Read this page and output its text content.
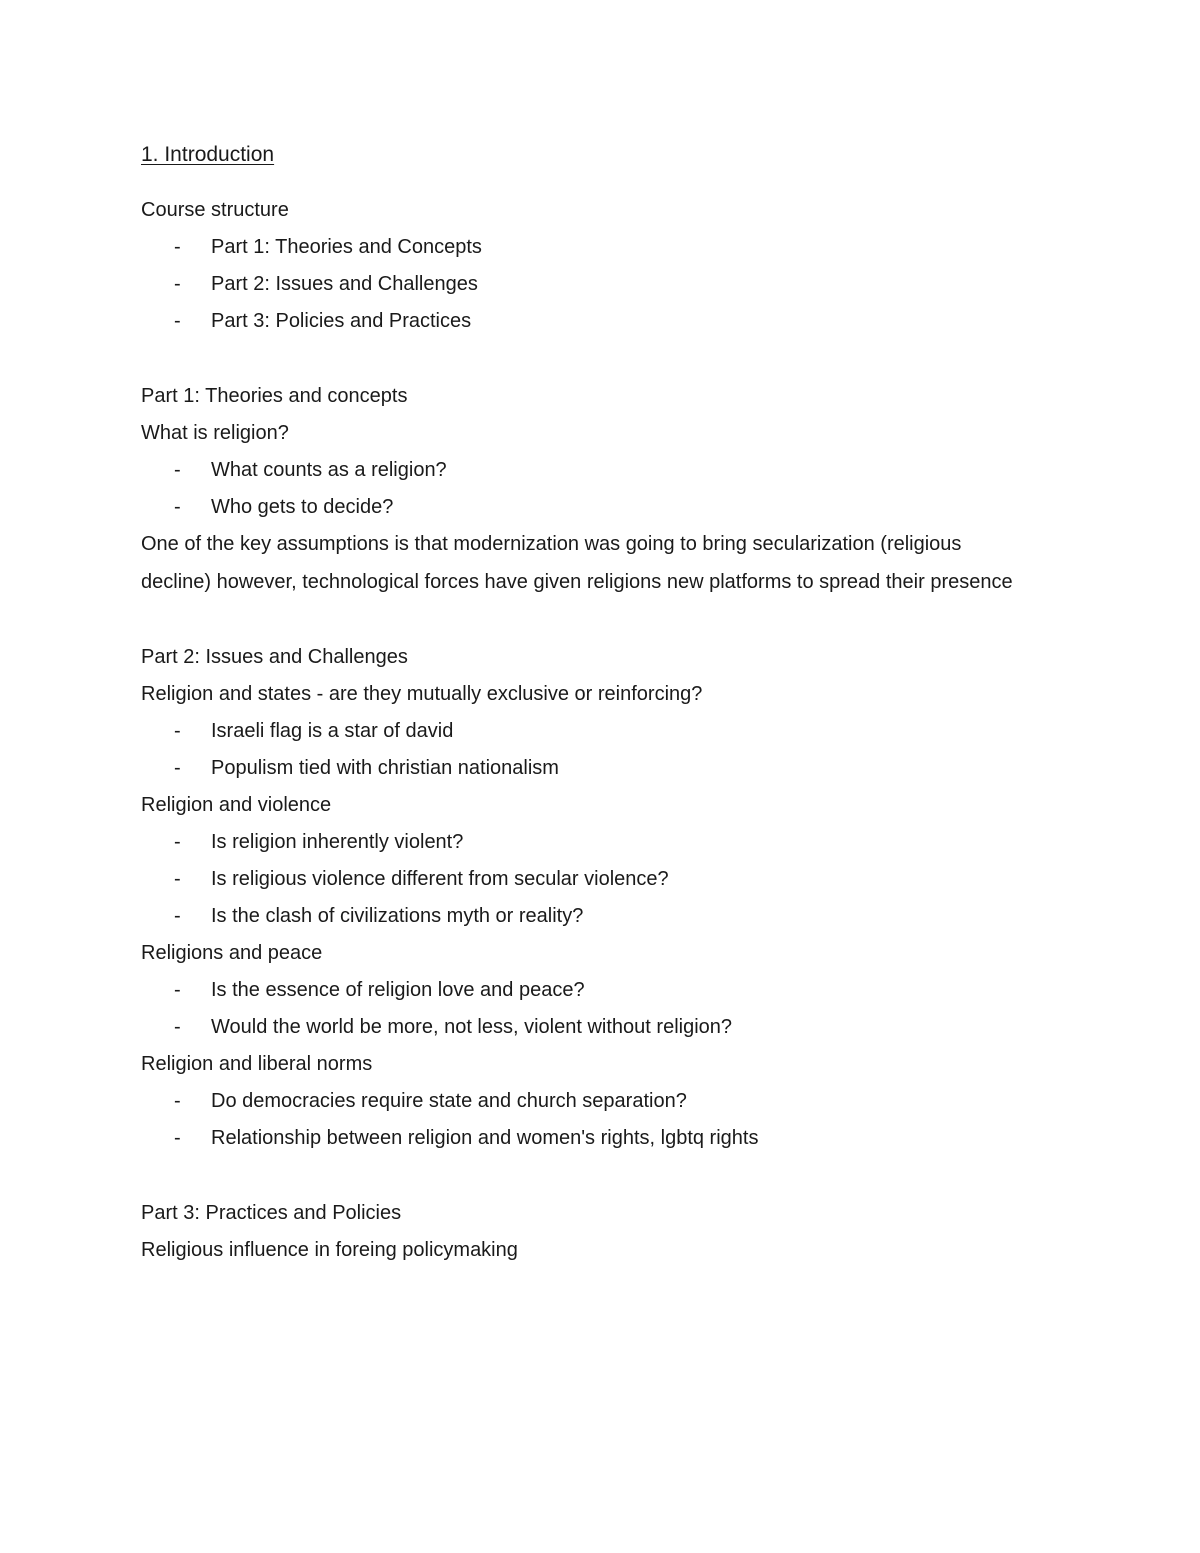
1. Introduction

Course structure

- Part 1: Theories and Concepts
- Part 2: Issues and Challenges
- Part 3: Policies and Practices

Part 1: Theories and concepts

What is religion?

- What counts as a religion?
- Who gets to decide?

One of the key assumptions is that modernization was going to bring secularization (religious decline) however, technological forces have given religions new platforms to spread their presence

Part 2: Issues and Challenges

Religion and states - are they mutually exclusive or reinforcing?

- Israeli flag is a star of david
- Populism tied with christian nationalism

Religion and violence

- Is religion inherently violent?
- Is religious violence different from secular violence?
- Is the clash of civilizations myth or reality?

Religions and peace

- Is the essence of religion love and peace?
- Would the world be more, not less, violent without religion?

Religion and liberal norms

- Do democracies require state and church separation?
- Relationship between religion and women's rights, lgbtq rights

Part 3: Practices and Policies

Religious influence in foreing policymaking
